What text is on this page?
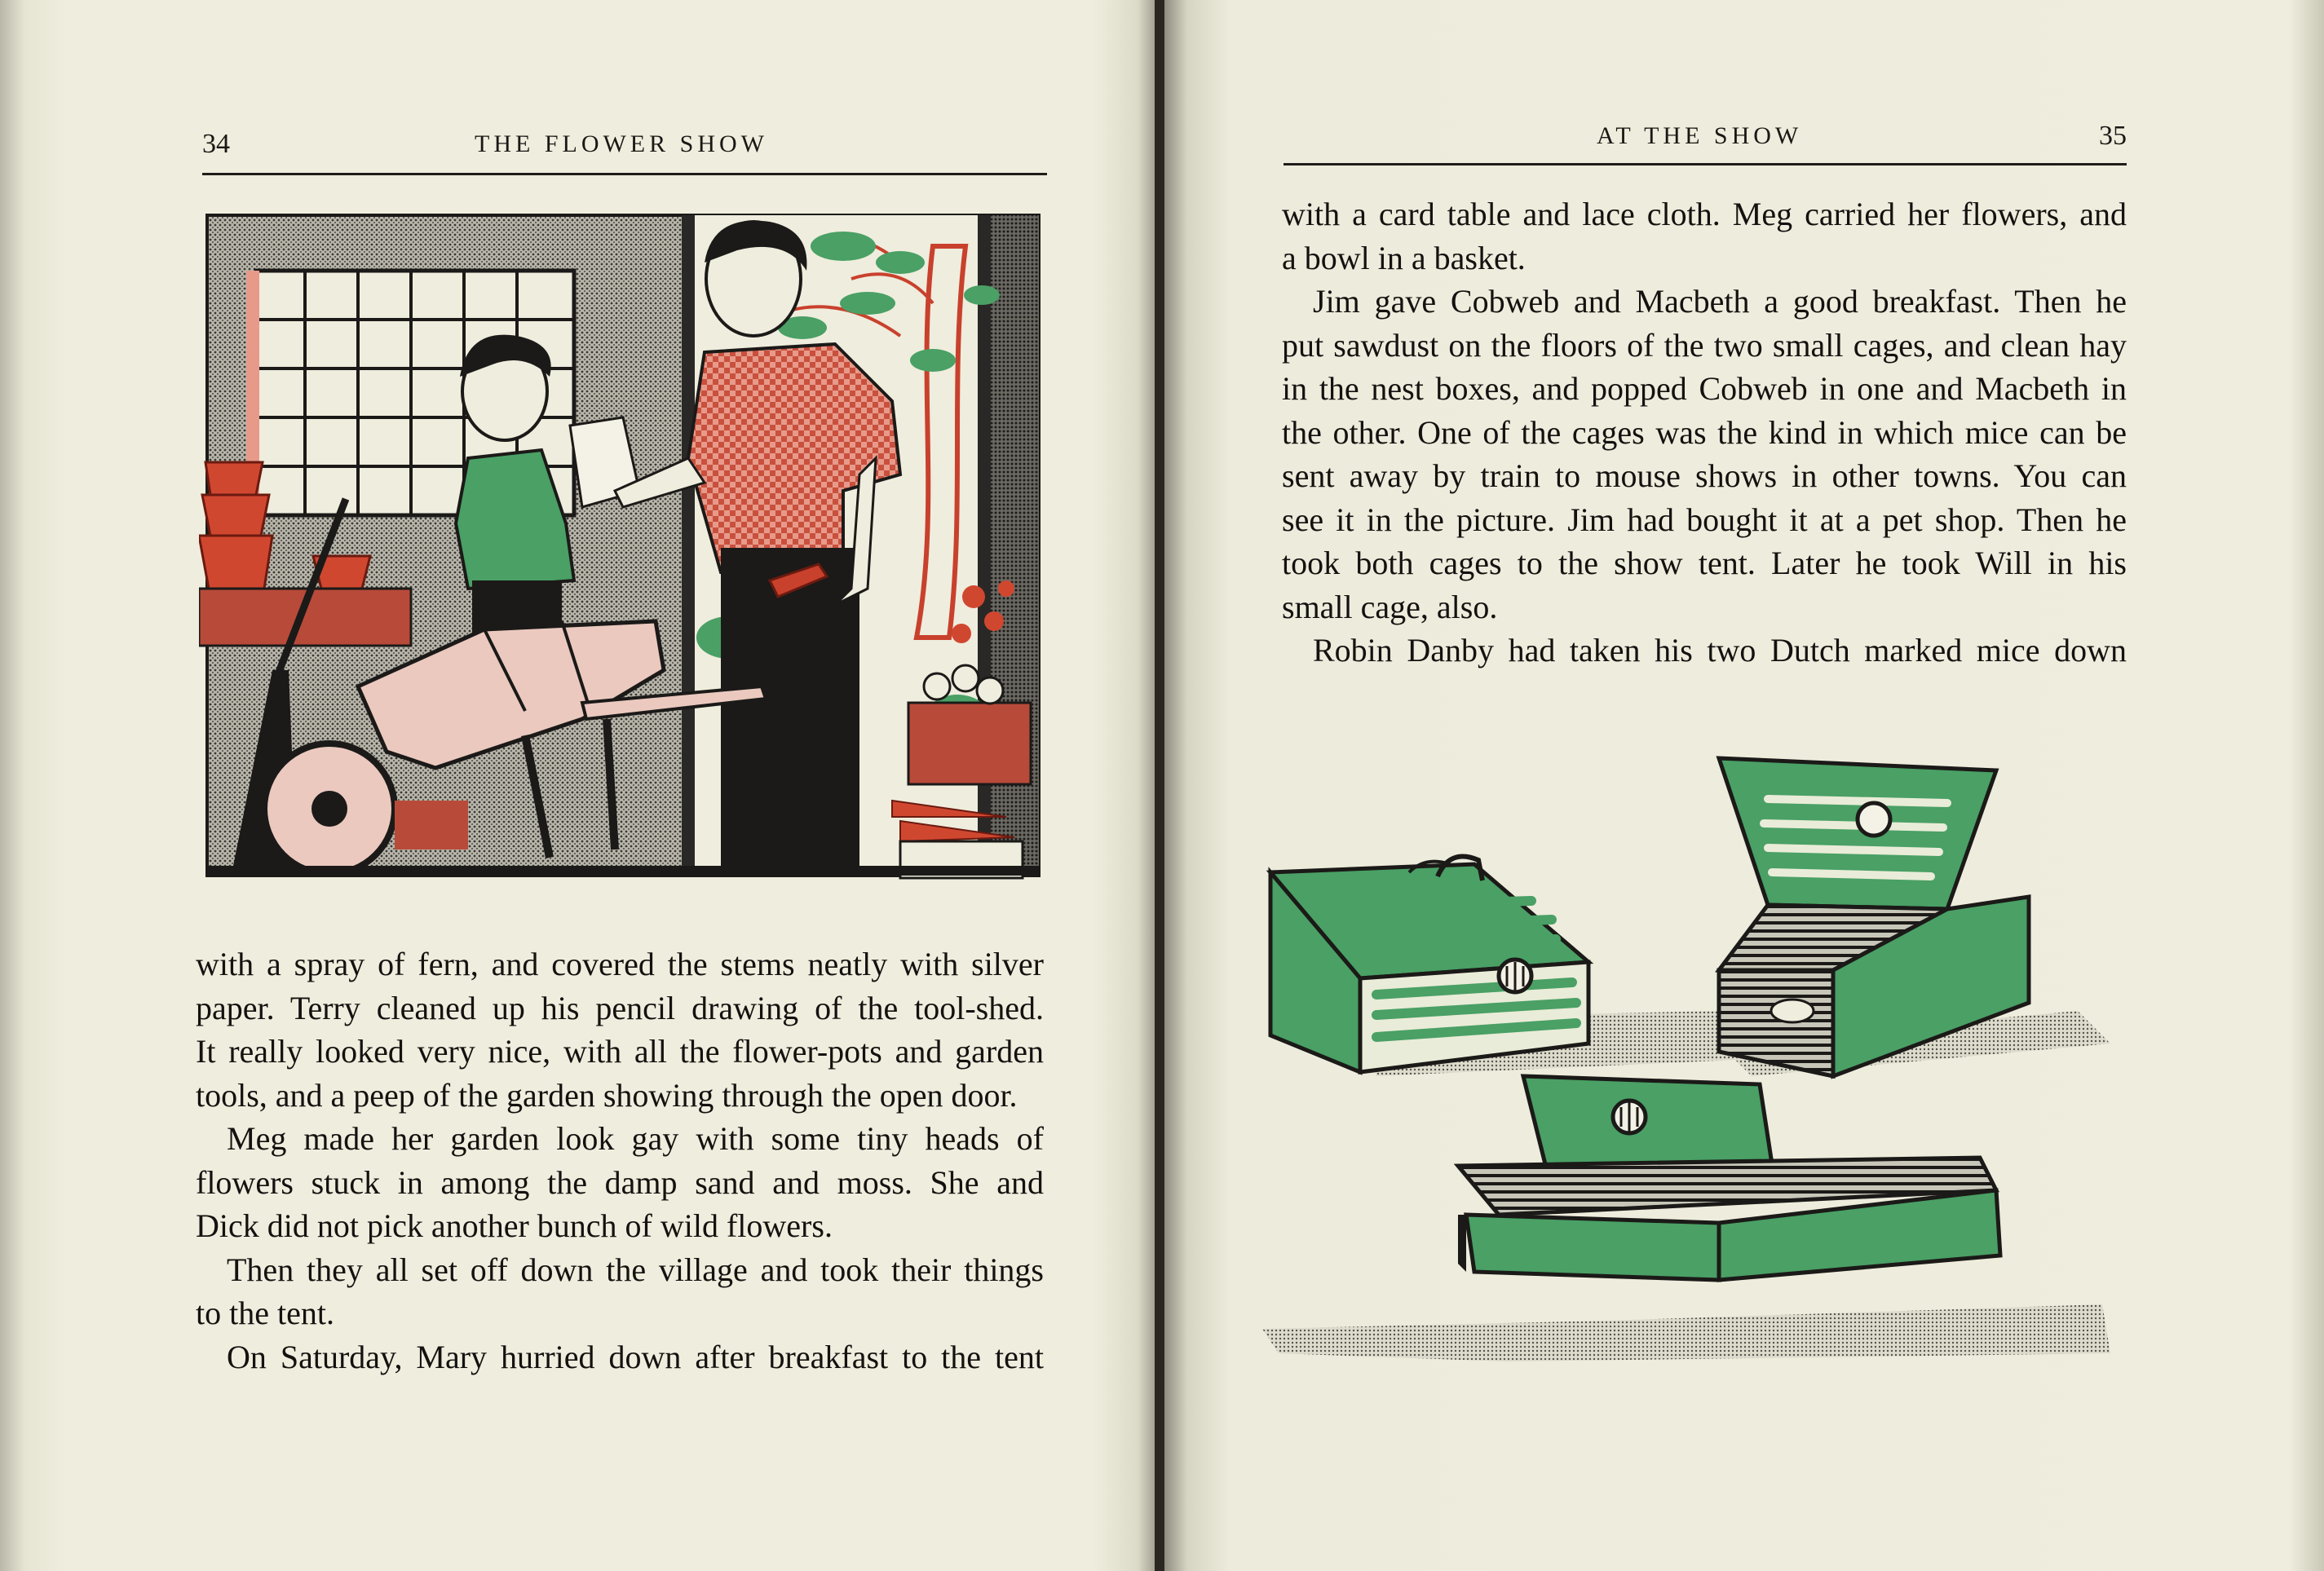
34	THE FLOWER SHOW

with a spray of fern, and covered the stems neatly with silver

paper. Terry cleaned up his pencil drawing of the tool-shed.

It really looked very nice, with all the flower-pots and garden

tools, and a peep of the garden showing through the open door.

Meg made her garden look gay with some tiny heads of

flowers stuck in among the damp sand and moss. She and

Dick did not pick another bunch of wild flowers.

Then they all set off down the village and took their things

to the tent.

On Saturday, Mary hurried down after breakfast to the tent

AT THE SHOW	35

with a card table and lace cloth. Meg carried her flowers, and

a bowl in a basket.

Jim gave Cobweb and Macbeth a good breakfast. Then he

put sawdust on the floors of the two small cages, and clean hay

in the nest boxes, and popped Cobweb in one and Macbeth in

the other. One of the cages was the kind in which mice can be

sent away by train to mouse shows in other towns. You can

see it in the picture. Jim had bought it at a pet shop. Then he

took both cages to the show tent. Later he took Will in his

small cage, also.

Robin Danby had taken his two Dutch marked mice down
